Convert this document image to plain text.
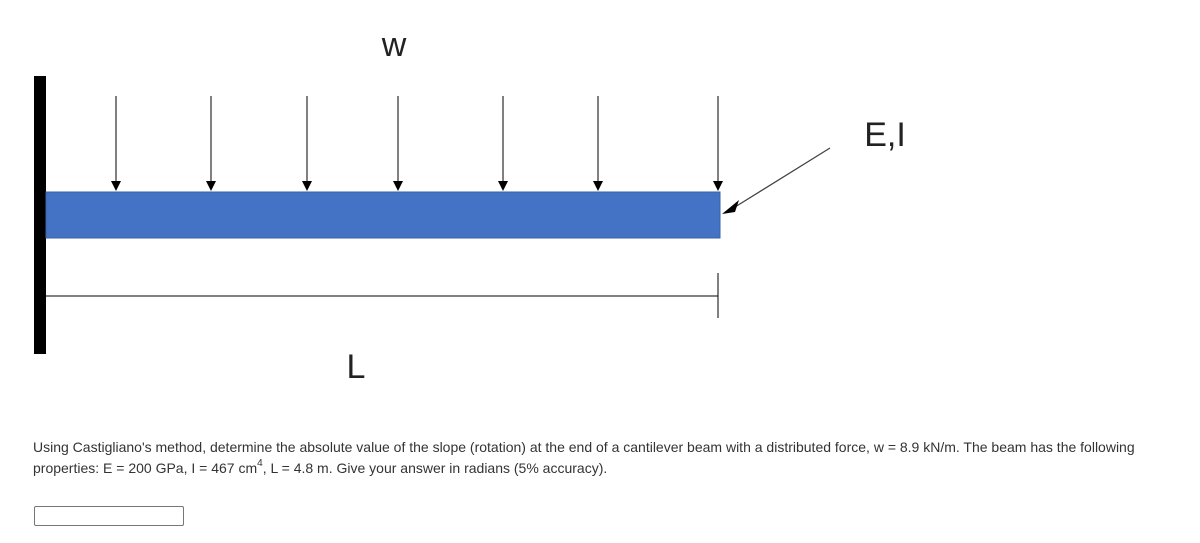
w
E,I
L
Using Castigliano's method, determine the absolute value of the slope (rotation) at the end of a cantilever beam with a distributed force, w = 8.9 kN/m. The beam has the following properties: E = 200 GPa, I = 467 $cm^4$, L = 4.8 m. Give your answer in radians (5% accuracy).
